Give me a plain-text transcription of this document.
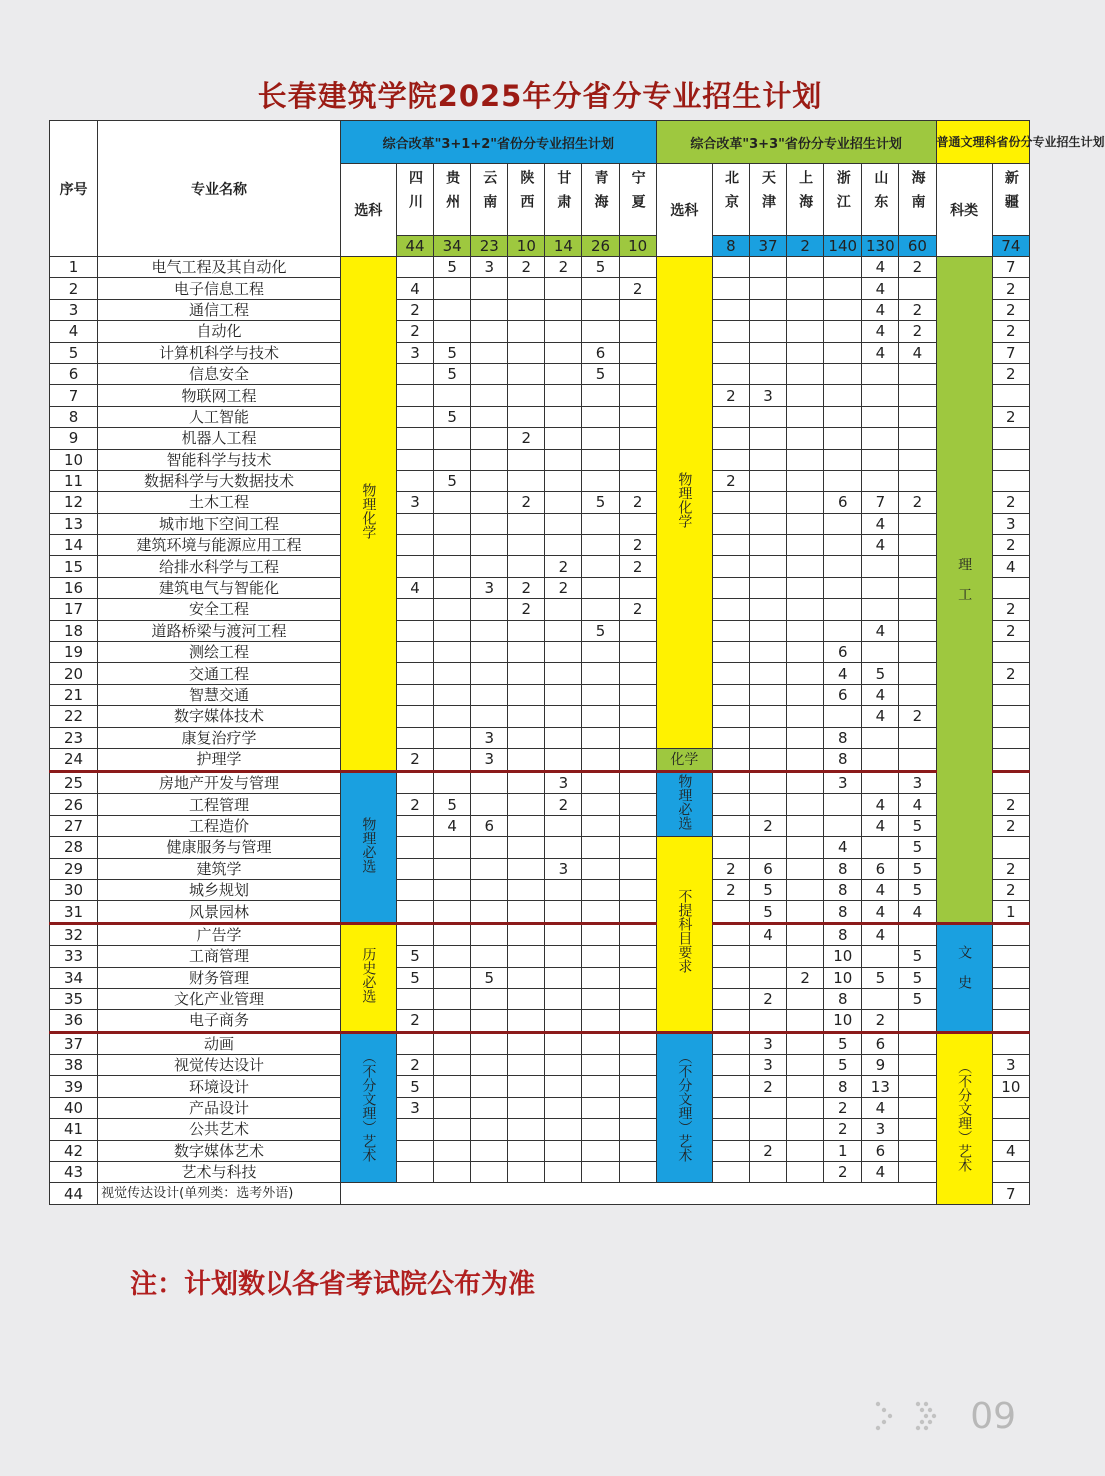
长春建筑学院2025年分省分专业招生计划
序号	专业名称	综合改革"3+1+2"省份分专业招生计划								综合改革"3+3"省份分专业招生计划							普通文理科省份分专业招生计划	
		选科	四川	贵州	云南	陕西	甘肃	青海	宁夏	选科	北京	天津	上海	浙江	山东	海南	科类	新疆
			44	34	23	10	14	26	10		8	37	2	140	130	60		74
1	电气工程及其自动化	物理化学		5	3	2	2	5		物理化学					4	2	理工	7
2	电子信息工程		4						2						4			2
3	通信工程		2												4	2		2
4	自动化		2												4	2		2
5	计算机科学与技术		3	5				6							4	4		7
6	信息安全			5				5										2
7	物联网工程										2	3						
8	人工智能			5														2
9	机器人工程					2												
10	智能科学与技术																	
11	数据科学与大数据技术			5							2							
12	土木工程		3			2		5	2					6	7	2		2
13	城市地下空间工程														4			3
14	建筑环境与能源应用工程								2						4			2
15	给排水科学与工程						2		2									4
16	建筑电气与智能化		4		3	2	2											
17	安全工程					2			2									2
18	道路桥梁与渡河工程							5							4			2
19	测绘工程													6				
20	交通工程													4	5			2
21	智慧交通													6	4			
22	数字媒体技术														4	2		
23	康复治疗学				3									8				
24	护理学		2		3					化学				8				
25	房地产开发与管理	物理必选					3			物理必选				3		3		
26	工程管理		2	5			2								4	4		2
27	工程造价			4	6							2			4	5		2
28	健康服务与管理									不提科目要求				4		5		
29	建筑学						3				2	6		8	6	5		2
30	城乡规划										2	5		8	4	5		2
31	风景园林											5		8	4	4		1
32	广告学	历史必选										4		8	4		文史	
33	工商管理		5											10		5		
34	财务管理		5		5								2	10	5	5		
35	文化产业管理											2		8		5		
36	电子商务		2											10	2			
37	动画	（不分文理）艺术								（不分文理）艺术		3		5	6		（不分文理）艺术	
38	视觉传达设计		2									3		5	9			3
39	环境设计		5									2		8	13			10
40	产品设计		3											2	4			
41	公共艺术													2	3			
42	数字媒体艺术											2		1	6			4
43	艺术与科技													2	4			
44	视觉传达设计(单列类：选考外语)																	7
注：计划数以各省考试院公布为准
09
